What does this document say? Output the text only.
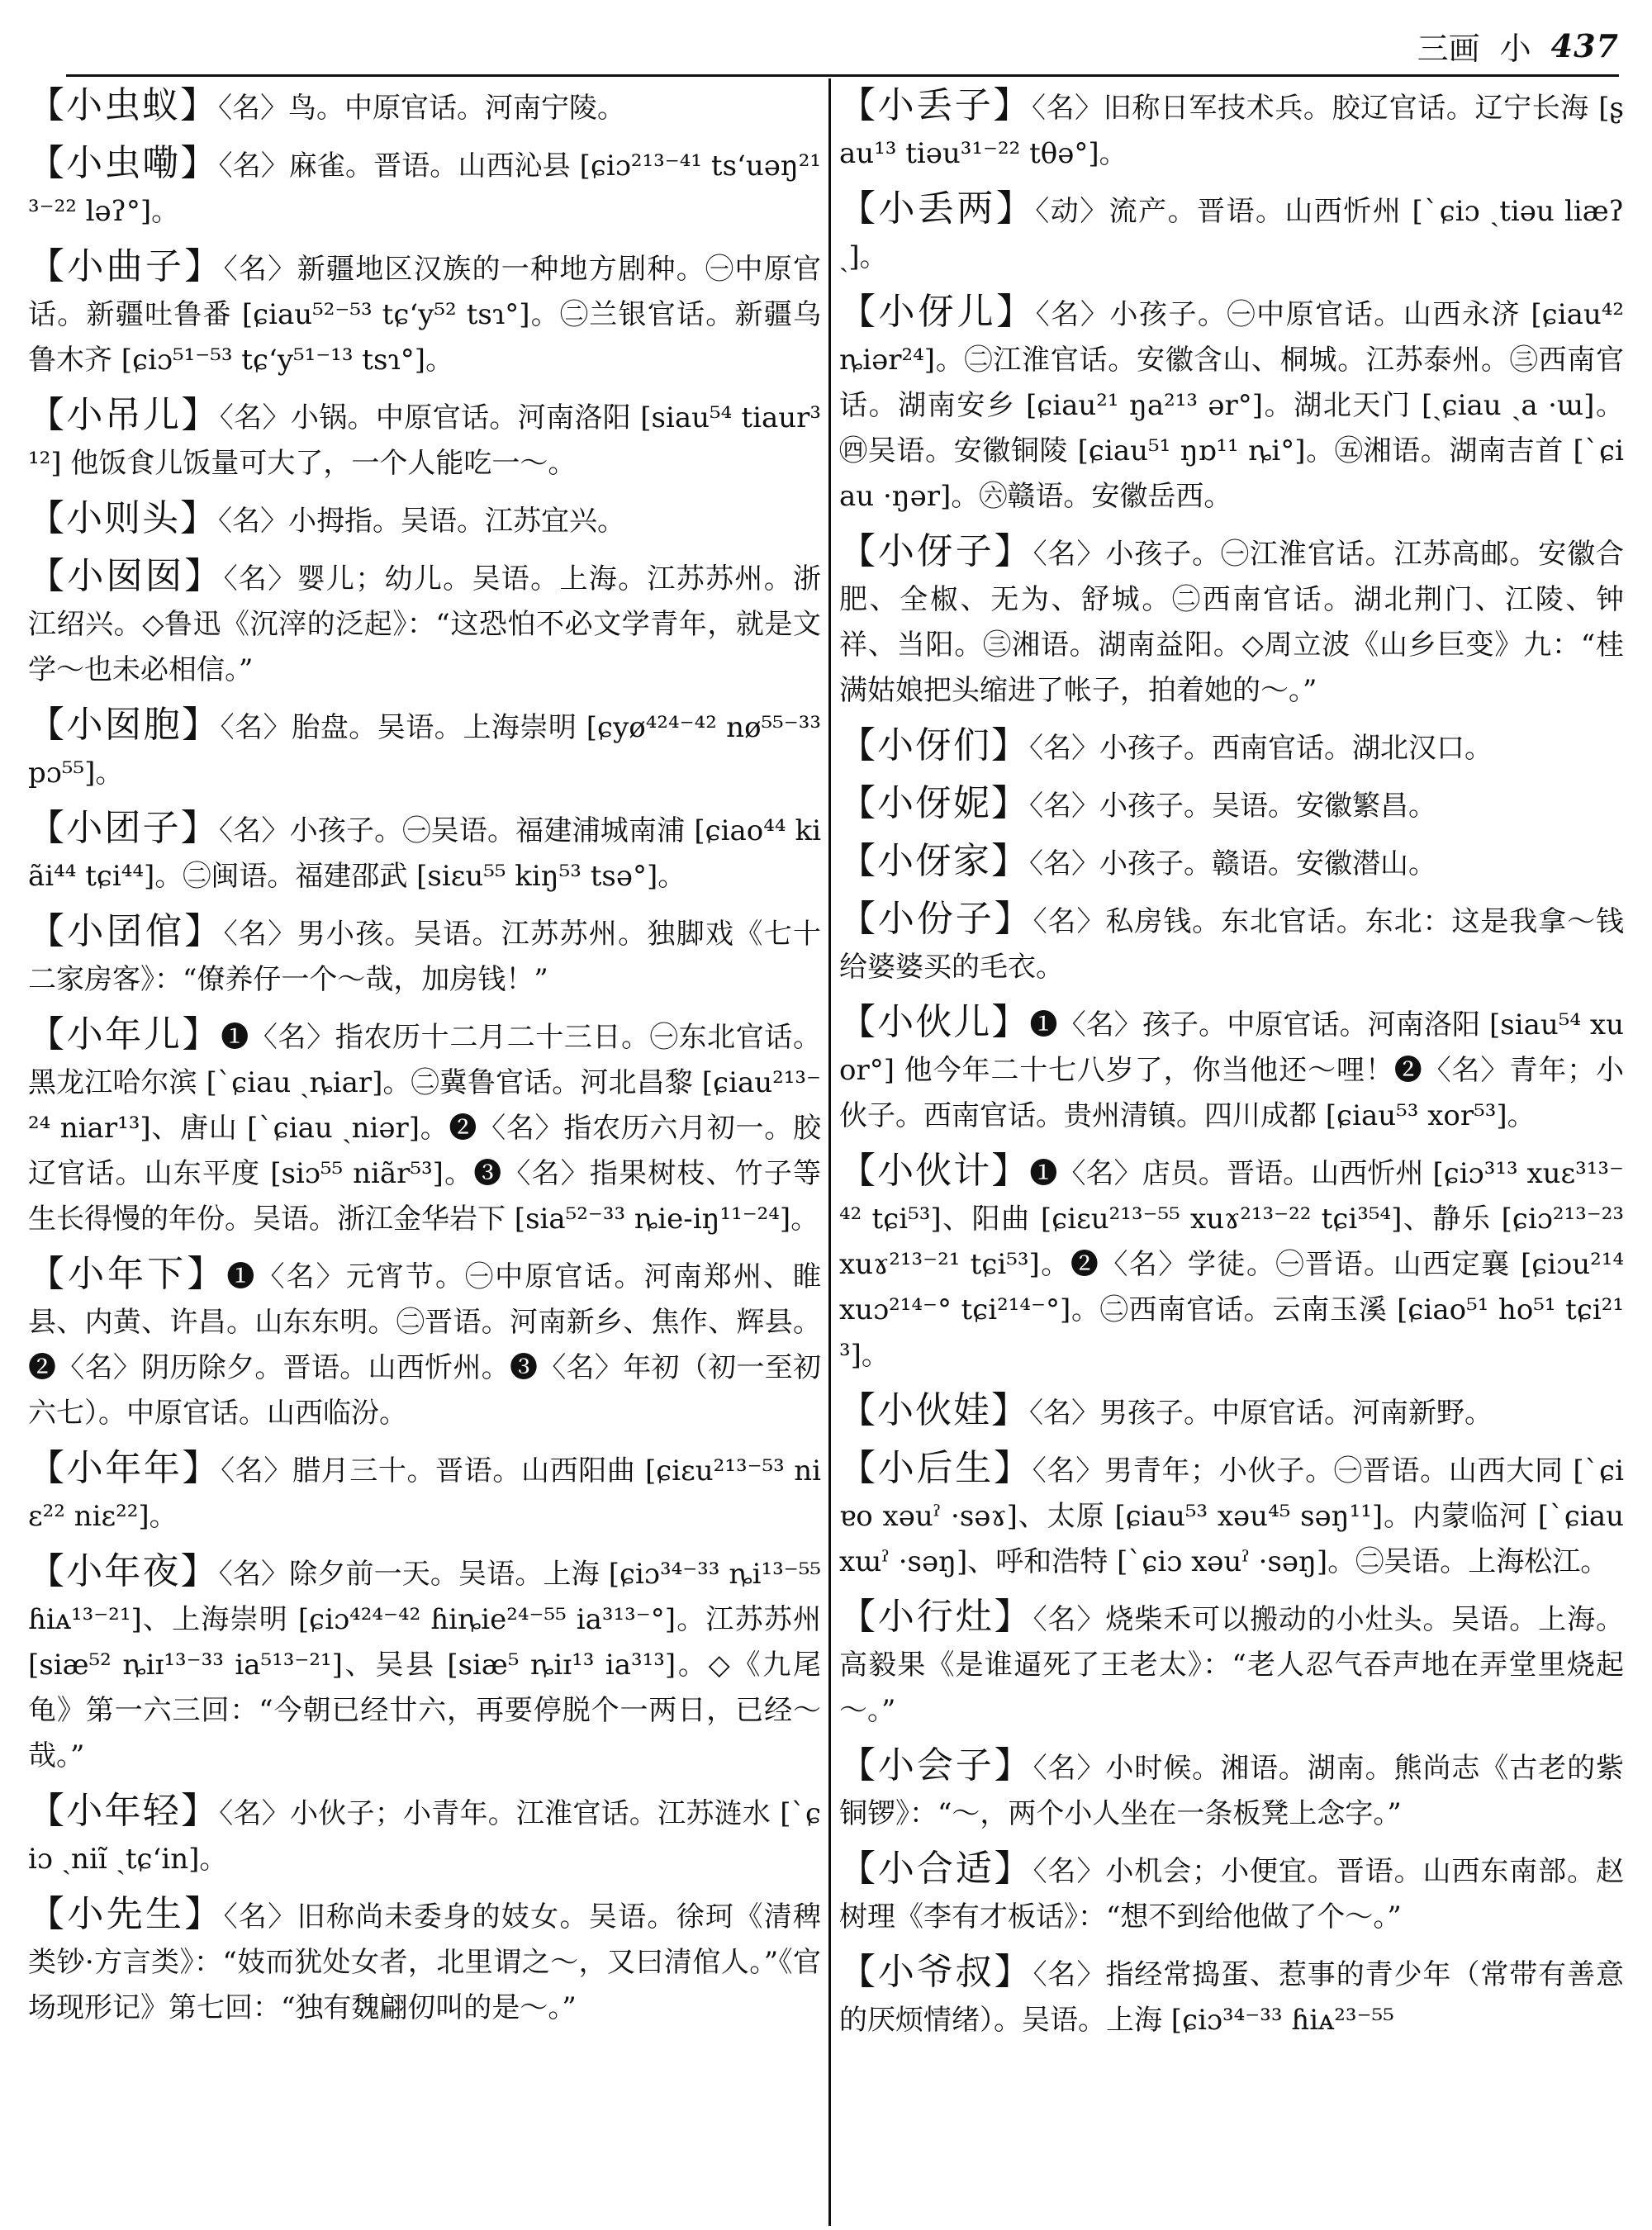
三画 小 437

【小虫蚁】〈名〉鸟。中原官话。河南宁陵。

【小虫嘞】〈名〉麻雀。晋语。山西沁县 [ɕiɔ²¹³⁻⁴¹ tsʻuəŋ²¹³⁻²² ləʔ°]。

【小曲子】〈名〉新疆地区汉族的一种地方剧种。㊀中原官话。新疆吐鲁番 [ɕiau⁵²⁻⁵³ tɕʻy⁵² tsɿ°]。㊁兰银官话。新疆乌鲁木齐 [ɕiɔ⁵¹⁻⁵³ tɕʻy⁵¹⁻¹³ tsɿ°]。

【小吊儿】〈名〉小锅。中原官话。河南洛阳 [siau⁵⁴ tiaur³¹²] 他饭食儿饭量可大了，一个人能吃一～。

【小则头】〈名〉小拇指。吴语。江苏宜兴。

【小囡囡】〈名〉婴儿；幼儿。吴语。上海。江苏苏州。浙江绍兴。◇鲁迅《沉滓的泛起》：“这恐怕不必文学青年，就是文学～也未必相信。”

【小囡胞】〈名〉胎盘。吴语。上海崇明 [ɕyø⁴²⁴⁻⁴² nø⁵⁵⁻³³ pɔ⁵⁵]。

【小团子】〈名〉小孩子。㊀吴语。福建浦城南浦 [ɕiao⁴⁴ kiãi⁴⁴ tɕi⁴⁴]。㊁闽语。福建邵武 [siɛu⁵⁵ kiŋ⁵³ tsə°]。

【小囝倌】〈名〉男小孩。吴语。江苏苏州。独脚戏《七十二家房客》：“僚养仔一个～哉，加房钱！”

【小年儿】❶〈名〉指农历十二月二十三日。㊀东北官话。黑龙江哈尔滨 [ˋɕiau ˏȵiar]。㊁冀鲁官话。河北昌黎 [ɕiau²¹³⁻²⁴ niar¹³]、唐山 [ˋɕiau ˏniər]。❷〈名〉指农历六月初一。胶辽官话。山东平度 [siɔ⁵⁵ niãr⁵³]。❸〈名〉指果树枝、竹子等生长得慢的年份。吴语。浙江金华岩下 [sia⁵²⁻³³ ȵie-iŋ¹¹⁻²⁴]。

【小年下】❶〈名〉元宵节。㊀中原官话。河南郑州、睢县、内黄、许昌。山东东明。㊁晋语。河南新乡、焦作、辉县。❷〈名〉阴历除夕。晋语。山西忻州。❸〈名〉年初（初一至初六七）。中原官话。山西临汾。

【小年年】〈名〉腊月三十。晋语。山西阳曲 [ɕiɛu²¹³⁻⁵³ niɛ²² niɛ²²]。

【小年夜】〈名〉除夕前一天。吴语。上海 [ɕiɔ³⁴⁻³³ ȵi¹³⁻⁵⁵ ɦiᴀ¹³⁻²¹]、上海崇明 [ɕiɔ⁴²⁴⁻⁴² ɦiȵie²⁴⁻⁵⁵ ia³¹³⁻°]。江苏苏州 [siæ⁵² ȵiɪ¹³⁻³³ ia⁵¹³⁻²¹]、吴县 [siæ⁵ ȵiɪ¹³ ia³¹³]。◇《九尾龟》第一六三回：“今朝已经廿六，再要停脱个一两日，已经～哉。”

【小年轻】〈名〉小伙子；小青年。江淮官话。江苏涟水 [ˋɕiɔ ˏniĩ ˏtɕʻin]。

【小先生】〈名〉旧称尚未委身的妓女。吴语。徐珂《清稗类钞·方言类》：“妓而犹处女者，北里谓之～，又曰清倌人。”《官场现形记》第七回：“独有魏翩仞叫的是～。”

【小丢子】〈名〉旧称日军技术兵。胶辽官话。辽宁长海 [ʂau¹³ tiəu³¹⁻²² tθə°]。

【小丢两】〈动〉流产。晋语。山西忻州 [ˋɕiɔ ˏtiəu liæʔˏ]。

【小伢儿】〈名〉小孩子。㊀中原官话。山西永济 [ɕiau⁴² ȵiər²⁴]。㊁江淮官话。安徽含山、桐城。江苏泰州。㊂西南官话。湖南安乡 [ɕiau²¹ ŋa²¹³ ər°]。湖北天门 [ˏɕiau ˏa ·ɯ]。㊃吴语。安徽铜陵 [ɕiau⁵¹ ŋɒ¹¹ ȵi°]。㊄湘语。湖南吉首 [ˋɕiau ·ŋər]。㊅赣语。安徽岳西。

【小伢子】〈名〉小孩子。㊀江淮官话。江苏高邮。安徽合肥、全椒、无为、舒城。㊁西南官话。湖北荆门、江陵、钟祥、当阳。㊂湘语。湖南益阳。◇周立波《山乡巨变》九：“桂满姑娘把头缩进了帐子，拍着她的～。”

【小伢们】〈名〉小孩子。西南官话。湖北汉口。

【小伢妮】〈名〉小孩子。吴语。安徽繁昌。

【小伢家】〈名〉小孩子。赣语。安徽潜山。

【小份子】〈名〉私房钱。东北官话。东北：这是我拿～钱给婆婆买的毛衣。

【小伙儿】❶〈名〉孩子。中原官话。河南洛阳 [siau⁵⁴ xuor°] 他今年二十七八岁了，你当他还～哩！❷〈名〉青年；小伙子。西南官话。贵州清镇。四川成都 [ɕiau⁵³ xor⁵³]。

【小伙计】❶〈名〉店员。晋语。山西忻州 [ɕiɔ³¹³ xuɛ³¹³⁻⁴² tɕi⁵³]、阳曲 [ɕiɛu²¹³⁻⁵⁵ xuɤ²¹³⁻²² tɕi³⁵⁴]、静乐 [ɕiɔ²¹³⁻²³ xuɤ²¹³⁻²¹ tɕi⁵³]。❷〈名〉学徒。㊀晋语。山西定襄 [ɕiɔu²¹⁴ xuɔ²¹⁴⁻° tɕi²¹⁴⁻°]。㊁西南官话。云南玉溪 [ɕiao⁵¹ ho⁵¹ tɕi²¹³]。

【小伙娃】〈名〉男孩子。中原官话。河南新野。

【小后生】〈名〉男青年；小伙子。㊀晋语。山西大同 [ˋɕiɐo xəuˀ ·səɤ]、太原 [ɕiau⁵³ xəu⁴⁵ səŋ¹¹]。内蒙临河 [ˋɕiau xɯˀ ·səŋ]、呼和浩特 [ˋɕiɔ xəuˀ ·səŋ]。㊁吴语。上海松江。

【小行灶】〈名〉烧柴禾可以搬动的小灶头。吴语。上海。高毅果《是谁逼死了王老太》：“老人忍气吞声地在弄堂里烧起～。”

【小会子】〈名〉小时候。湘语。湖南。熊尚志《古老的紫铜锣》：“～，两个小人坐在一条板凳上念字。”

【小合适】〈名〉小机会；小便宜。晋语。山西东南部。赵树理《李有才板话》：“想不到给他做了个～。”

【小爷叔】〈名〉指经常捣蛋、惹事的青少年（常带有善意的厌烦情绪）。吴语。上海 [ɕiɔ³⁴⁻³³ ɦiᴀ²³⁻⁵⁵
